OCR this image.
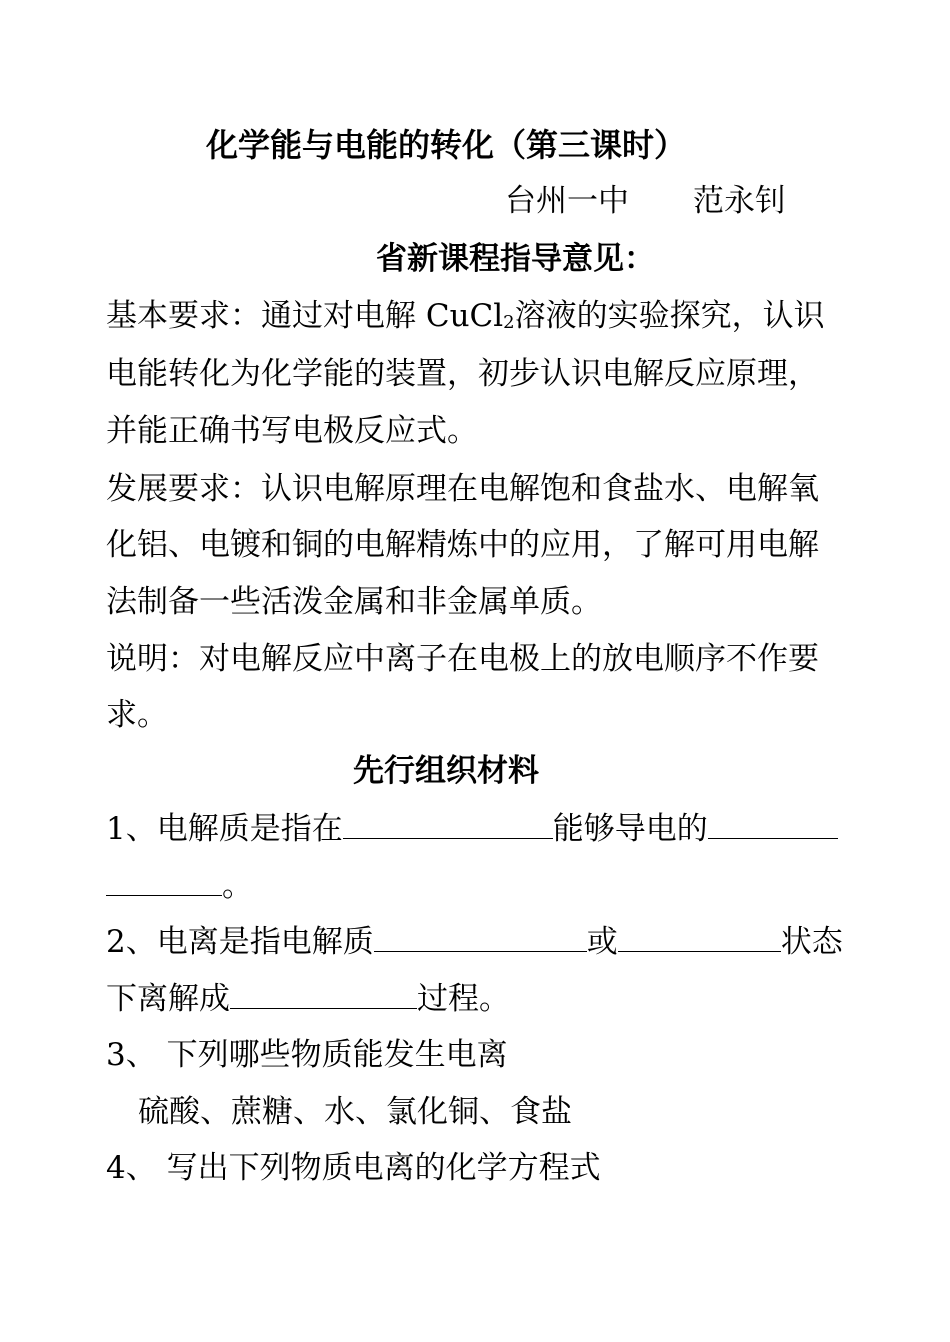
化学能与电能的转化（第三课时）
台州一中 范永钊
省新课程指导意见：
基本要求：通过对电解 CuCl$_2$溶液的实验探究，认识
电能转化为化学能的装置，初步认识电解反应原理，
并能正确书写电极反应式。
发展要求：认识电解原理在电解饱和食盐水、电解氧
化铝、电镀和铜的电解精炼中的应用，了解可用电解
法制备一些活泼金属和非金属单质。
说明：对电解反应中离子在电极上的放电顺序不作要
求。
先行组织材料
1、电解质是指在	能够导电的
。
2、电离是指电解质	或	状态
下离解成	过程。
3、 下列哪些物质能发生电离
硫酸、蔗糖、水、氯化铜、食盐
4、 写出下列物质电离的化学方程式
